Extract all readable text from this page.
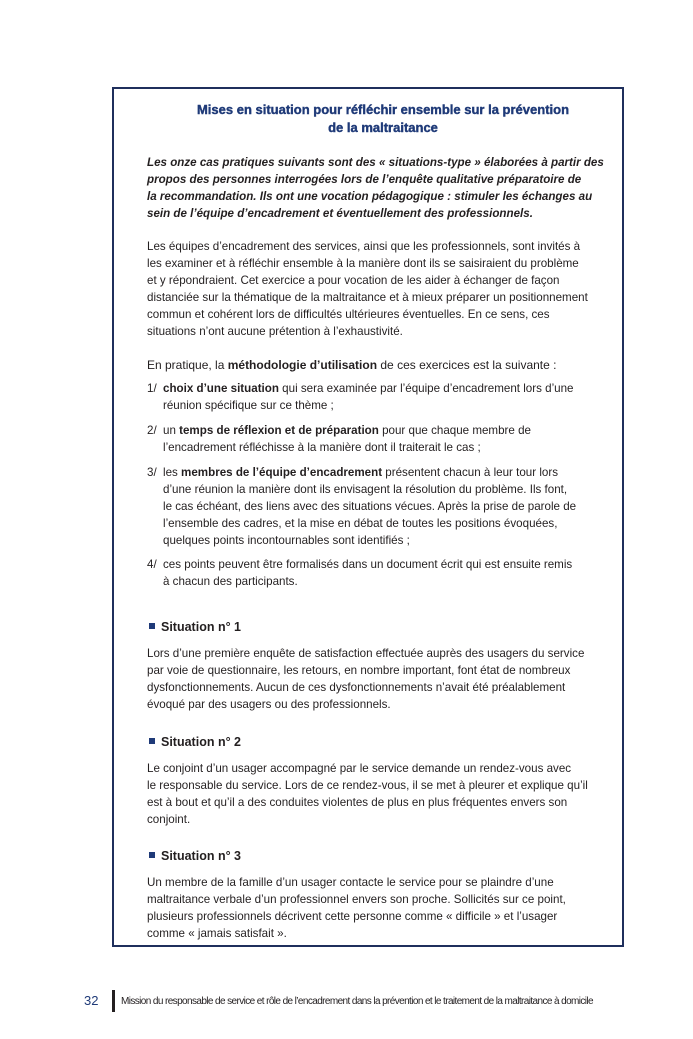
Mises en situation pour réfléchir ensemble sur la prévention
de la maltraitance
Les onze cas pratiques suivants sont des « situations-type » élaborées à partir des
propos des personnes interrogées lors de l’enquête qualitative préparatoire de
la recommandation. Ils ont une vocation pédagogique : stimuler les échanges au
sein de l’équipe d’encadrement et éventuellement des professionnels.
Les équipes d’encadrement des services, ainsi que les professionnels, sont invités à
les examiner et à réfléchir ensemble à la manière dont ils se saisiraient du problème
et y répondraient. Cet exercice a pour vocation de les aider à échanger de façon
distanciée sur la thématique de la maltraitance et à mieux préparer un positionnement
commun et cohérent lors de difficultés ultérieures éventuelles. En ce sens, ces
situations n’ont aucune prétention à l’exhaustivité.
En pratique, la méthodologie d’utilisation de ces exercices est la suivante :
1/ choix d’une situation qui sera examinée par l’équipe d’encadrement lors d’une
réunion spécifique sur ce thème ;
2/ un temps de réflexion et de préparation pour que chaque membre de
l’encadrement réfléchisse à la manière dont il traiterait le cas ;
3/ les membres de l’équipe d’encadrement présentent chacun à leur tour lors
d’une réunion la manière dont ils envisagent la résolution du problème. Ils font,
le cas échéant, des liens avec des situations vécues. Après la prise de parole de
l’ensemble des cadres, et la mise en débat de toutes les positions évoquées,
quelques points incontournables sont identifiés ;
4/ ces points peuvent être formalisés dans un document écrit qui est ensuite remis
à chacun des participants.
Situation n° 1
Lors d’une première enquête de satisfaction effectuée auprès des usagers du service
par voie de questionnaire, les retours, en nombre important, font état de nombreux
dysfonctionnements. Aucun de ces dysfonctionnements n’avait été préalablement
évoqué par des usagers ou des professionnels.
Situation n° 2
Le conjoint d’un usager accompagné par le service demande un rendez-vous avec
le responsable du service. Lors de ce rendez-vous, il se met à pleurer et explique qu’il
est à bout et qu’il a des conduites violentes de plus en plus fréquentes envers son
conjoint.
Situation n° 3
Un membre de la famille d’un usager contacte le service pour se plaindre d’une
maltraitance verbale d’un professionnel envers son proche. Sollicités sur ce point,
plusieurs professionnels décrivent cette personne comme « difficile » et l’usager
comme « jamais satisfait ».
32 Mission du responsable de service et rôle de l’encadrement dans la prévention et le traitement de la maltraitance à domicile
